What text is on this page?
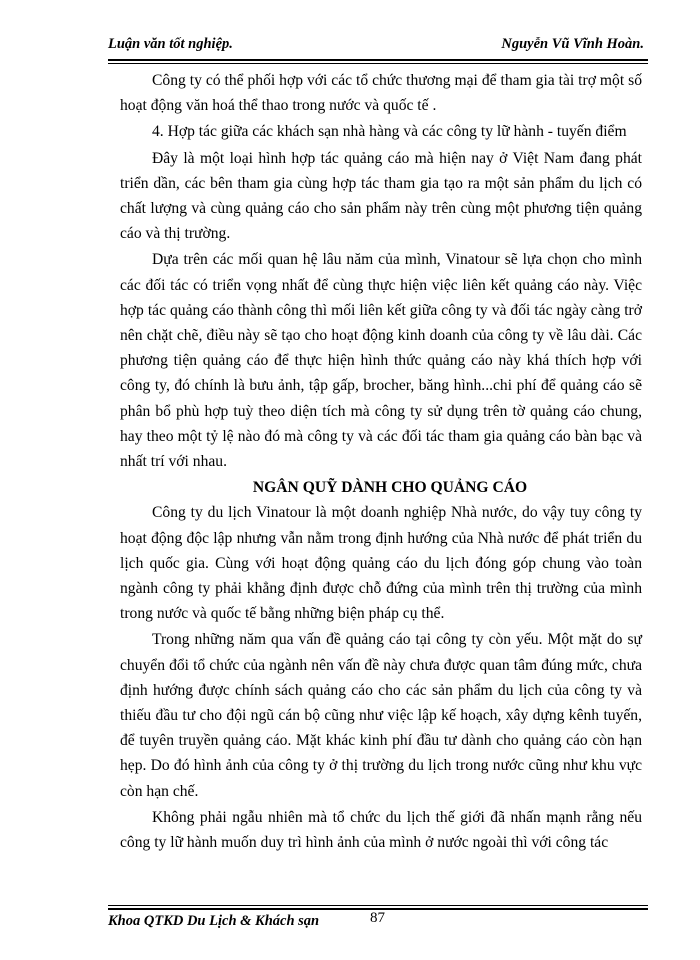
Luận văn tốt nghiệp.	Nguyễn Vũ Vĩnh Hoàn.

Công ty có thể phối hợp với các tổ chức thương mại để tham gia tài trợ một số hoạt động văn hoá thể thao trong nước và quốc tế .

4. Hợp tác giữa các khách sạn nhà hàng và các công ty lữ hành - tuyến điểm

Đây là một loại hình hợp tác quảng cáo mà hiện nay ở Việt Nam đang phát triển dần, các bên tham gia cùng hợp tác tham gia tạo ra một sản phẩm du lịch có chất lượng và cùng quảng cáo cho sản phẩm này trên cùng một phương tiện quảng cáo và thị trường.

Dựa trên các mối quan hệ lâu năm của mình, Vinatour sẽ lựa chọn cho mình các đối tác có triển vọng nhất để cùng thực hiện việc liên kết quảng cáo này. Việc hợp tác quảng cáo thành công thì mối liên kết giữa công ty và đối tác ngày càng trở nên chặt chẽ, điều này sẽ tạo cho hoạt động kinh doanh của công ty về lâu dài. Các phương tiện quảng cáo để thực hiện hình thức quảng cáo này khá thích hợp với công ty, đó chính là bưu ảnh, tập gấp, brocher, băng hình...chi phí để quảng cáo sẽ phân bổ phù hợp tuỳ theo diện tích mà công ty sử dụng trên tờ quảng cáo chung, hay theo một tỷ lệ nào đó mà công ty và các đối tác tham gia quảng cáo bàn bạc và nhất trí với nhau.

NGÂN QUỸ DÀNH CHO QUẢNG CÁO

Công ty du lịch Vinatour là một doanh nghiệp Nhà nước, do vậy tuy công ty hoạt động độc lập nhưng vẫn nằm trong định hướng của Nhà nước để phát triển du lịch quốc gia. Cùng với hoạt động quảng cáo du lịch đóng góp chung vào toàn ngành công ty phải khẳng định được chỗ đứng của mình trên thị trường của mình trong nước và quốc tế bằng những biện pháp cụ thể.

Trong những năm qua vấn đề quảng cáo tại công ty còn yếu. Một mặt do sự chuyển đổi tổ chức của ngành nên vấn đề này chưa được quan tâm đúng mức, chưa định hướng được chính sách quảng cáo cho các sản phẩm du lịch của công ty và thiếu đầu tư cho đội ngũ cán bộ cũng như việc lập kế hoạch, xây dựng kênh tuyến, để tuyên truyền quảng cáo. Mặt khác kinh phí đầu tư dành cho quảng cáo còn hạn hẹp. Do đó hình ảnh của công ty ở thị trường du lịch trong nước cũng như khu vực còn hạn chế.

Không phải ngẫu nhiên mà tổ chức du lịch thế giới đã nhấn mạnh rằng nếu công ty lữ hành muốn duy trì hình ảnh của mình ở nước ngoài thì với công tác

Khoa QTKD Du Lịch & Khách sạn	87
